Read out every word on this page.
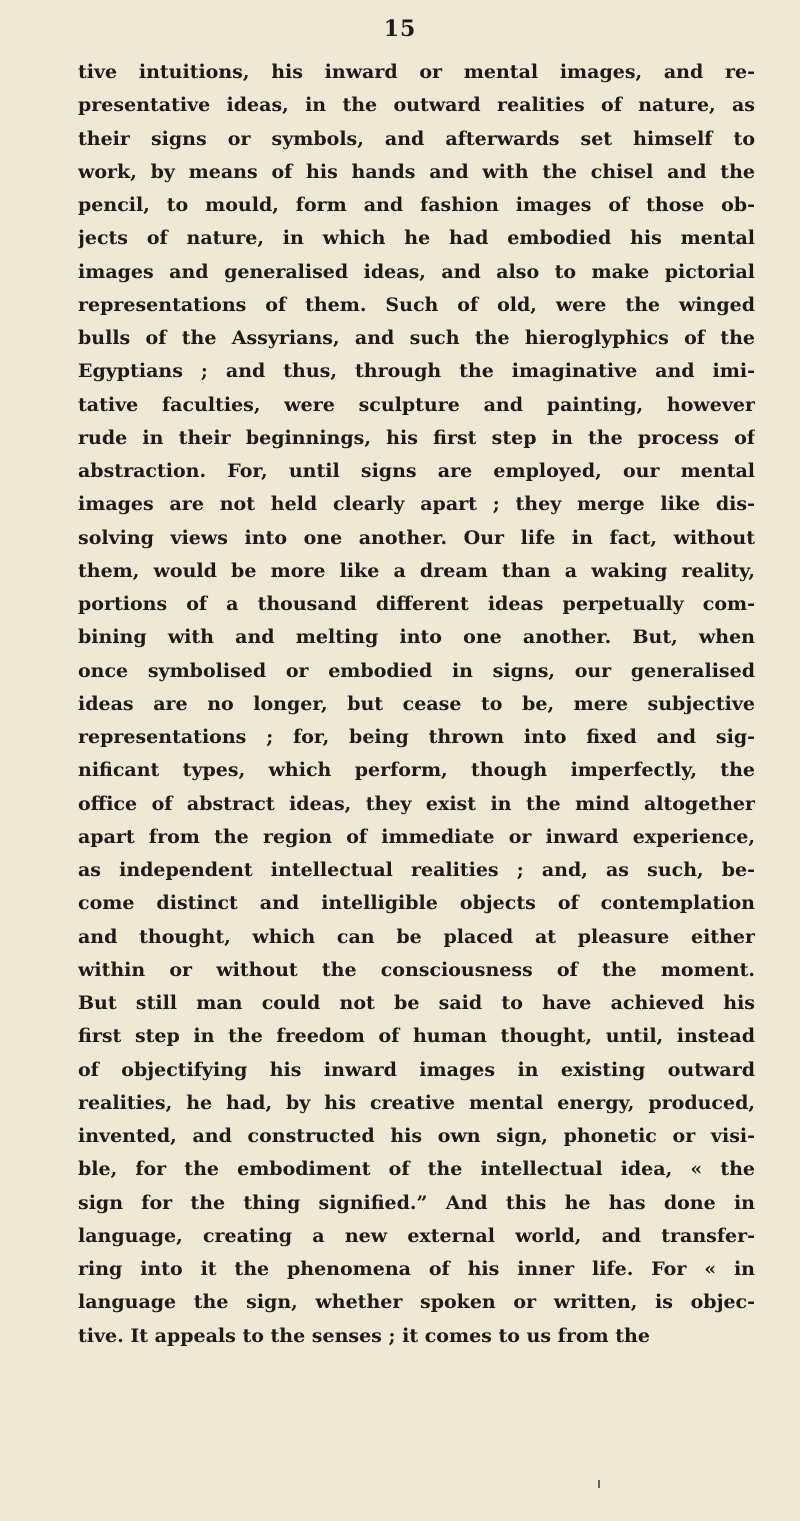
15
tive intuitions, his inward or mental images, and re-
presentative ideas, in the outward realities of nature, as
their signs or symbols, and afterwards set himself to
work, by means of his hands and with the chisel and the
pencil, to mould, form and fashion images of those ob-
jects of nature, in which he had embodied his mental
images and generalised ideas, and also to make pictorial
representations of them. Such of old, were the winged
bulls of the Assyrians, and such the hieroglyphics of the
Egyptians ; and thus, through the imaginative and imi-
tative faculties, were sculpture and painting, however
rude in their beginnings, his first step in the process of
abstraction. For, until signs are employed, our mental
images are not held clearly apart ; they merge like dis-
solving views into one another. Our life in fact, without
them, would be more like a dream than a waking reality,
portions of a thousand different ideas perpetually com-
bining with and melting into one another. But, when
once symbolised or embodied in signs, our generalised
ideas are no longer, but cease to be, mere subjective
representations ; for, being thrown into fixed and sig-
nificant types, which perform, though imperfectly, the
office of abstract ideas, they exist in the mind altogether
apart from the region of immediate or inward experience,
as independent intellectual realities ; and, as such, be-
come distinct and intelligible objects of contemplation
and thought, which can be placed at pleasure either
within or without the consciousness of the moment.
But still man could not be said to have achieved his
first step in the freedom of human thought, until, instead
of objectifying his inward images in existing outward
realities, he had, by his creative mental energy, produced,
invented, and constructed his own sign, phonetic or visi-
ble, for the embodiment of the intellectual idea, « the
sign for the thing signified.” And this he has done in
language, creating a new external world, and transfer-
ring into it the phenomena of his inner life. For « in
language the sign, whether spoken or written, is objec-
tive. It appeals to the senses ; it comes to us from the
